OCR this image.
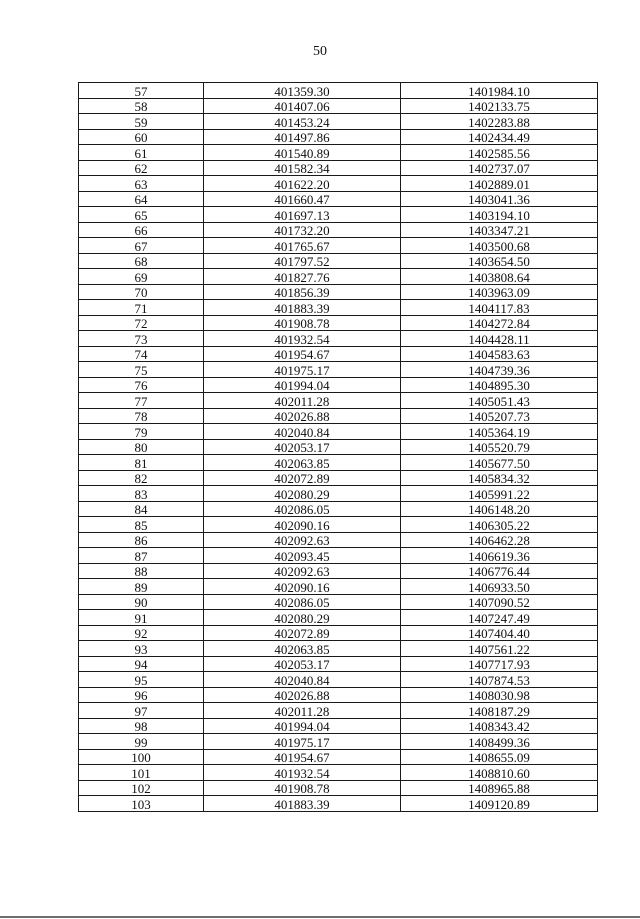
50
57	401359.30	1401984.10
58	401407.06	1402133.75
59	401453.24	1402283.88
60	401497.86	1402434.49
61	401540.89	1402585.56
62	401582.34	1402737.07
63	401622.20	1402889.01
64	401660.47	1403041.36
65	401697.13	1403194.10
66	401732.20	1403347.21
67	401765.67	1403500.68
68	401797.52	1403654.50
69	401827.76	1403808.64
70	401856.39	1403963.09
71	401883.39	1404117.83
72	401908.78	1404272.84
73	401932.54	1404428.11
74	401954.67	1404583.63
75	401975.17	1404739.36
76	401994.04	1404895.30
77	402011.28	1405051.43
78	402026.88	1405207.73
79	402040.84	1405364.19
80	402053.17	1405520.79
81	402063.85	1405677.50
82	402072.89	1405834.32
83	402080.29	1405991.22
84	402086.05	1406148.20
85	402090.16	1406305.22
86	402092.63	1406462.28
87	402093.45	1406619.36
88	402092.63	1406776.44
89	402090.16	1406933.50
90	402086.05	1407090.52
91	402080.29	1407247.49
92	402072.89	1407404.40
93	402063.85	1407561.22
94	402053.17	1407717.93
95	402040.84	1407874.53
96	402026.88	1408030.98
97	402011.28	1408187.29
98	401994.04	1408343.42
99	401975.17	1408499.36
100	401954.67	1408655.09
101	401932.54	1408810.60
102	401908.78	1408965.88
103	401883.39	1409120.89
